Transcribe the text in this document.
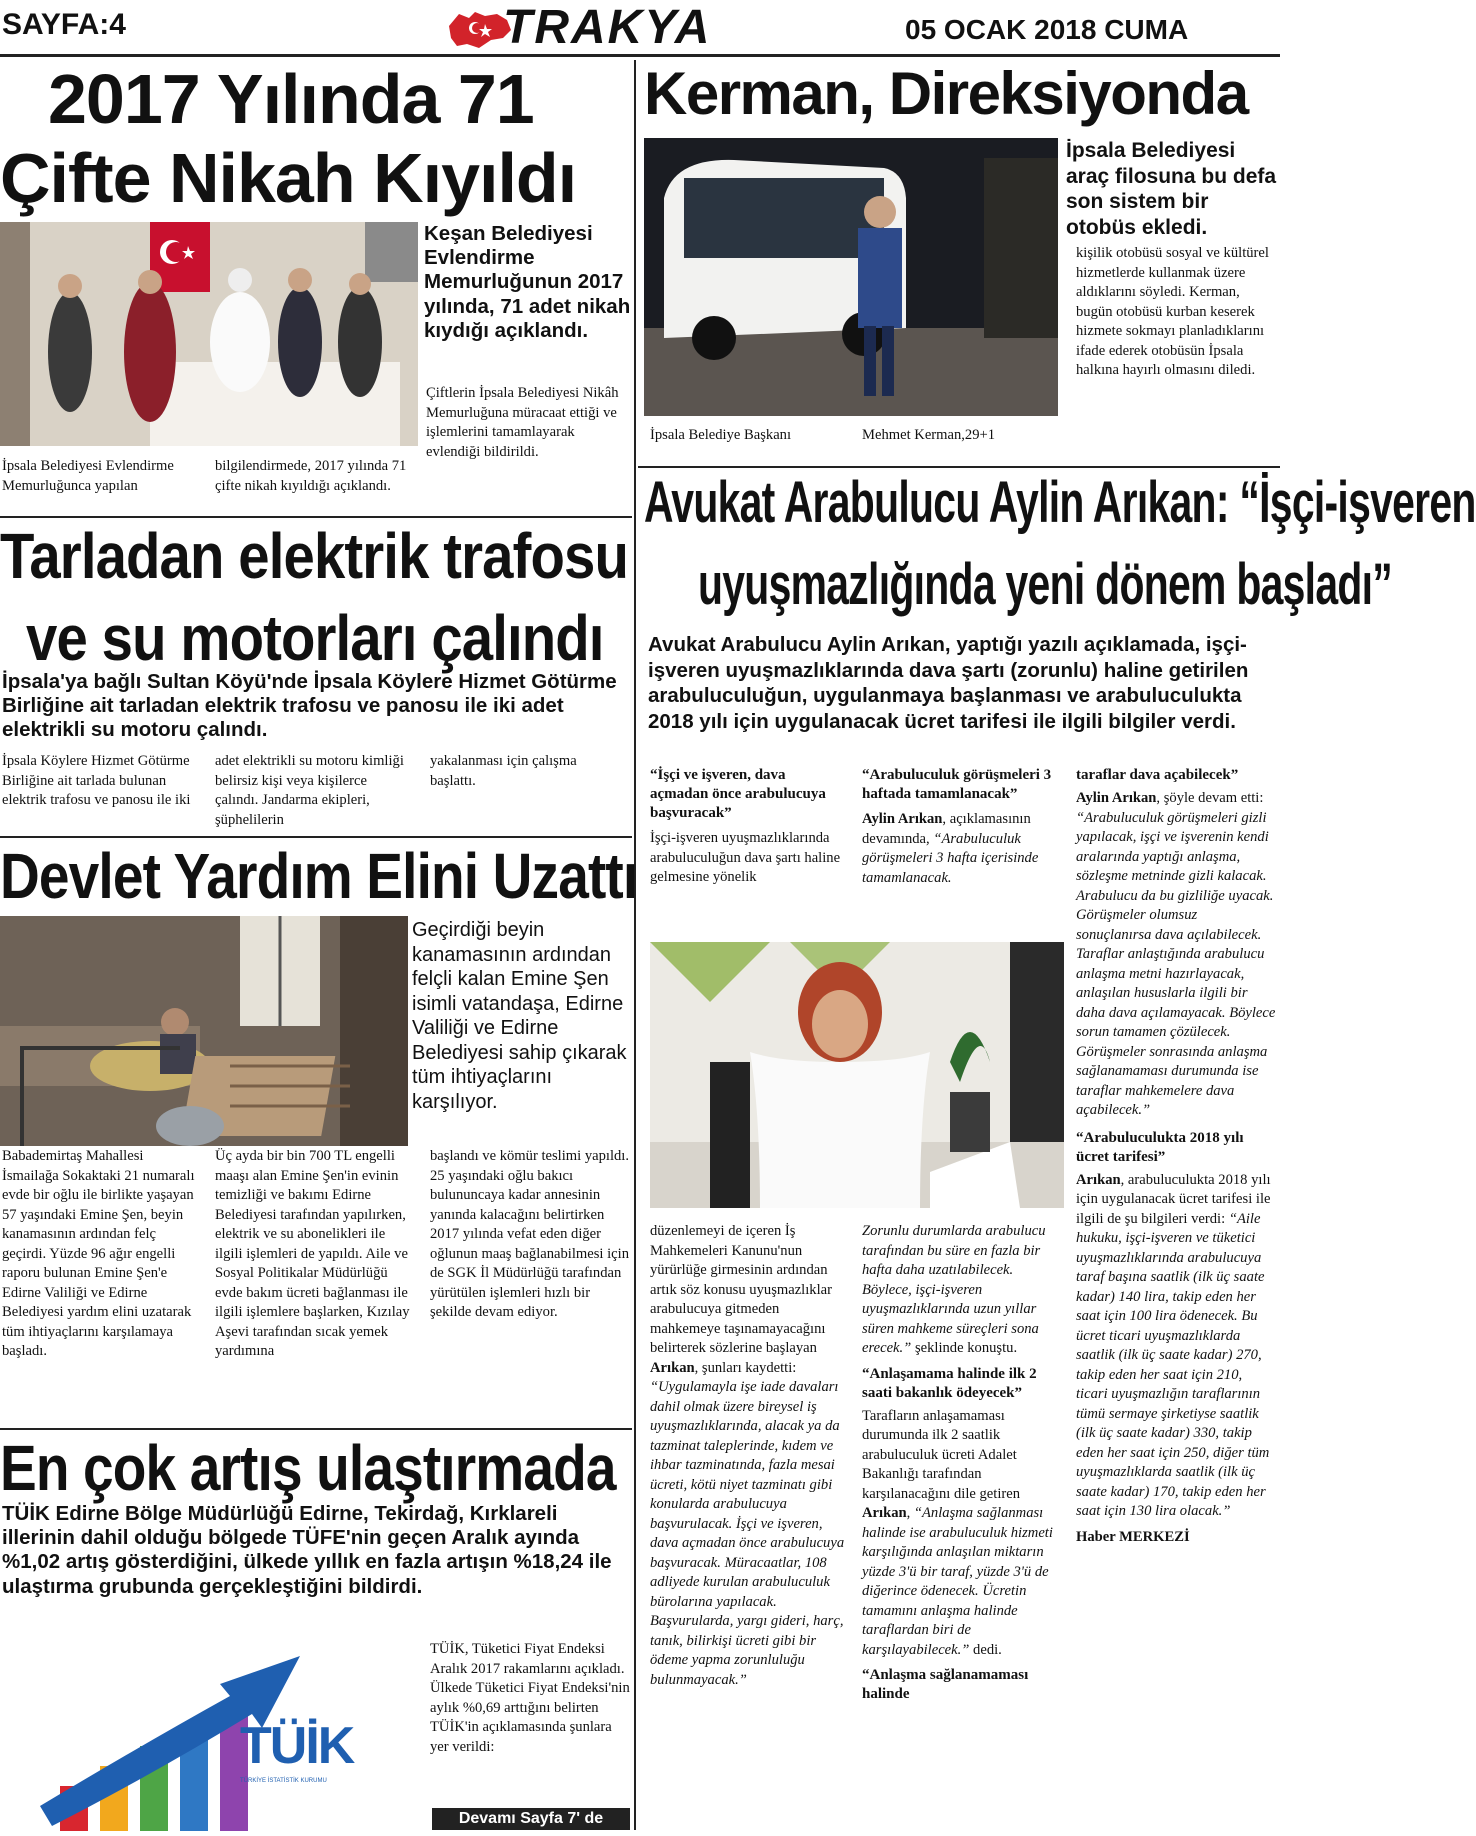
SAYFA:4	TRAKYA	05 OCAK 2018 CUMA
2017 Yılında 71
Çifte Nikah Kıyıldı
Keşan Belediyesi Evlendirme Memurluğunun 2017 yılında, 71 adet nikah kıydığı açıklandı.
Çiftlerin İpsala Belediyesi Nikâh Memurluğuna müracaat ettiği ve işlemlerini tamamlayarak evlendiği bildirildi.
İpsala Belediyesi Evlendirme Memurluğunca yapılan
bilgilendirmede, 2017 yılında 71 çifte nikah kıyıldığı açıklandı.
Tarladan elektrik trafosu
ve su motorları çalındı
İpsala'ya bağlı Sultan Köyü'nde İpsala Köylere Hizmet Götürme Birliğine ait tarladan elektrik trafosu ve panosu ile iki adet elektrikli su motoru çalındı.
İpsala Köylere Hizmet Götürme Birliğine ait tarlada bulunan elektrik trafosu ve panosu ile iki
adet elektrikli su motoru kimliği belirsiz kişi veya kişilerce çalındı. Jandarma ekipleri, şüphelilerin
yakalanması için çalışma başlattı.
Devlet Yardım Elini Uzattı
Geçirdiği beyin kanamasının ardından felçli kalan Emine Şen isimli vatandaşa, Edirne Valiliği ve Edirne Belediyesi sahip çıkarak tüm ihtiyaçlarını karşılıyor.
Babademirtaş Mahallesi İsmailağa Sokaktaki 21 numaralı evde bir oğlu ile birlikte yaşayan 57 yaşındaki Emine Şen, beyin kanamasının ardından felç geçirdi. Yüzde 96 ağır engelli raporu bulunan Emine Şen'e Edirne Valiliği ve Edirne Belediyesi yardım elini uzatarak tüm ihtiyaçlarını karşılamaya başladı.
Üç ayda bir bin 700 TL engelli maaşı alan Emine Şen'in evinin temizliği ve bakımı Edirne Belediyesi tarafından yapılırken, elektrik ve su abonelikleri ile ilgili işlemleri de yapıldı. Aile ve Sosyal Politikalar Müdürlüğü evde bakım ücreti bağlanması ile ilgili işlemlere başlarken, Kızılay Aşevi tarafından sıcak yemek yardımına
başlandı ve kömür teslimi yapıldı. 25 yaşındaki oğlu bakıcı bulununcaya kadar annesinin yanında kalacağını belirtirken 2017 yılında vefat eden diğer oğlunun maaş bağlanabilmesi için de SGK İl Müdürlüğü tarafından yürütülen işlemleri hızlı bir şekilde devam ediyor.
En çok artış ulaştırmada
TÜİK Edirne Bölge Müdürlüğü Edirne, Tekirdağ, Kırklareli illerinin dahil olduğu bölgede TÜFE'nin geçen Aralık ayında %1,02 artış gösterdiğini, ülkede yıllık en fazla artışın %18,24 ile ulaştırma grubunda gerçekleştiğini bildirdi.
TÜİK
TÜRKİYE İSTATİSTİK KURUMU
TÜİK, Tüketici Fiyat Endeksi Aralık 2017 rakamlarını açıkladı. Ülkede Tüketici Fiyat Endeksi'nin aylık %0,69 arttığını belirten TÜİK'in açıklamasında şunlara yer verildi:
Devamı Sayfa 7' de
Kerman, Direksiyonda
İpsala Belediyesi araç filosuna bu defa son sistem bir otobüs ekledi.
kişilik otobüsü sosyal ve kültürel hizmetlerde kullanmak üzere aldıklarını söyledi. Kerman, bugün otobüsü kurban keserek hizmete sokmayı planladıklarını ifade ederek otobüsün İpsala halkına hayırlı olmasını diledi.
İpsala Belediye Başkanı	Mehmet Kerman,29+1
Avukat Arabulucu Aylin Arıkan: “İşçi-işveren
uyuşmazlığında yeni dönem başladı”
Avukat Arabulucu Aylin Arıkan, yaptığı yazılı açıklamada, işçi-işveren uyuşmazlıklarında dava şartı (zorunlu) haline getirilen arabuluculuğun, uygulanmaya başlanması ve arabuluculukta 2018 yılı için uygulanacak ücret tarifesi ile ilgili bilgiler verdi.

“İşçi ve işveren, dava açmadan önce arabulucuya başvuracak”

İşçi-işveren uyuşmazlıklarında arabuluculuğun dava şartı haline gelmesine yönelik

“Arabuluculuk görüşmeleri 3 haftada tamamlanacak”

Aylin Arıkan, açıklamasının devamında, “Arabuluculuk görüşmeleri 3 hafta içerisinde tamamlanacak.

düzenlemeyi de içeren İş Mahkemeleri Kanunu'nun yürürlüğe girmesinin ardından artık söz konusu uyuşmazlıklar arabulucuya gitmeden mahkemeye taşınamayacağını belirterek sözlerine başlayan Arıkan, şunları kaydetti: “Uygulamayla işe iade davaları dahil olmak üzere bireysel iş uyuşmazlıklarında, alacak ya da tazminat taleplerinde, kıdem ve ihbar tazminatında, fazla mesai ücreti, kötü niyet tazminatı gibi konularda arabulucuya başvurulacak. İşçi ve işveren, dava açmadan önce arabulucuya başvuracak. Müracaatlar, 108 adliyede kurulan arabuluculuk bürolarına yapılacak. Başvurularda, yargı gideri, harç, tanık, bilirkişi ücreti gibi bir ödeme yapma zorunluluğu bulunmayacak.”

Zorunlu durumlarda arabulucu tarafından bu süre en fazla bir hafta daha uzatılabilecek. Böylece, işçi-işveren uyuşmazlıklarında uzun yıllar süren mahkeme süreçleri sona erecek.” şeklinde konuştu.

“Anlaşamama halinde ilk 2 saati bakanlık ödeyecek”

Tarafların anlaşamaması durumunda ilk 2 saatlik arabuluculuk ücreti Adalet Bakanlığı tarafından karşılanacağını dile getiren Arıkan, “Anlaşma sağlanması halinde ise arabuluculuk hizmeti karşılığında anlaşılan miktarın yüzde 3'ü bir taraf, yüzde 3'ü de diğerince ödenecek. Ücretin tamamını anlaşma halinde taraflardan biri de karşılayabilecek.” dedi.

“Anlaşma sağlanamaması halinde

taraflar dava açabilecek”

Aylin Arıkan, şöyle devam etti: “Arabuluculuk görüşmeleri gizli yapılacak, işçi ve işverenin kendi aralarında yaptığı anlaşma, sözleşme metninde gizli kalacak. Arabulucu da bu gizliliğe uyacak. Görüşmeler olumsuz sonuçlanırsa dava açılabilecek. Taraflar anlaştığında arabulucu anlaşma metni hazırlayacak, anlaşılan hususlarla ilgili bir daha dava açılamayacak. Böylece sorun tamamen çözülecek. Görüşmeler sonrasında anlaşma sağlanamaması durumunda ise taraflar mahkemelere dava açabilecek.”

“Arabuluculukta 2018 yılı ücret tarifesi”

Arıkan, arabuluculukta 2018 yılı için uygulanacak ücret tarifesi ile ilgili de şu bilgileri verdi: “Aile hukuku, işçi-işveren ve tüketici uyuşmazlıklarında arabulucuya taraf başına saatlik (ilk üç saate kadar) 140 lira, takip eden her saat için 100 lira ödenecek. Bu ücret ticari uyuşmazlıklarda saatlik (ilk üç saate kadar) 270, takip eden her saat için 210, ticari uyuşmazlığın taraflarının tümü sermaye şirketiyse saatlik (ilk üç saate kadar) 330, takip eden her saat için 250, diğer tüm uyuşmazlıklarda saatlik (ilk üç saate kadar) 170, takip eden her saat için 130 lira olacak.”

Haber MERKEZİ
